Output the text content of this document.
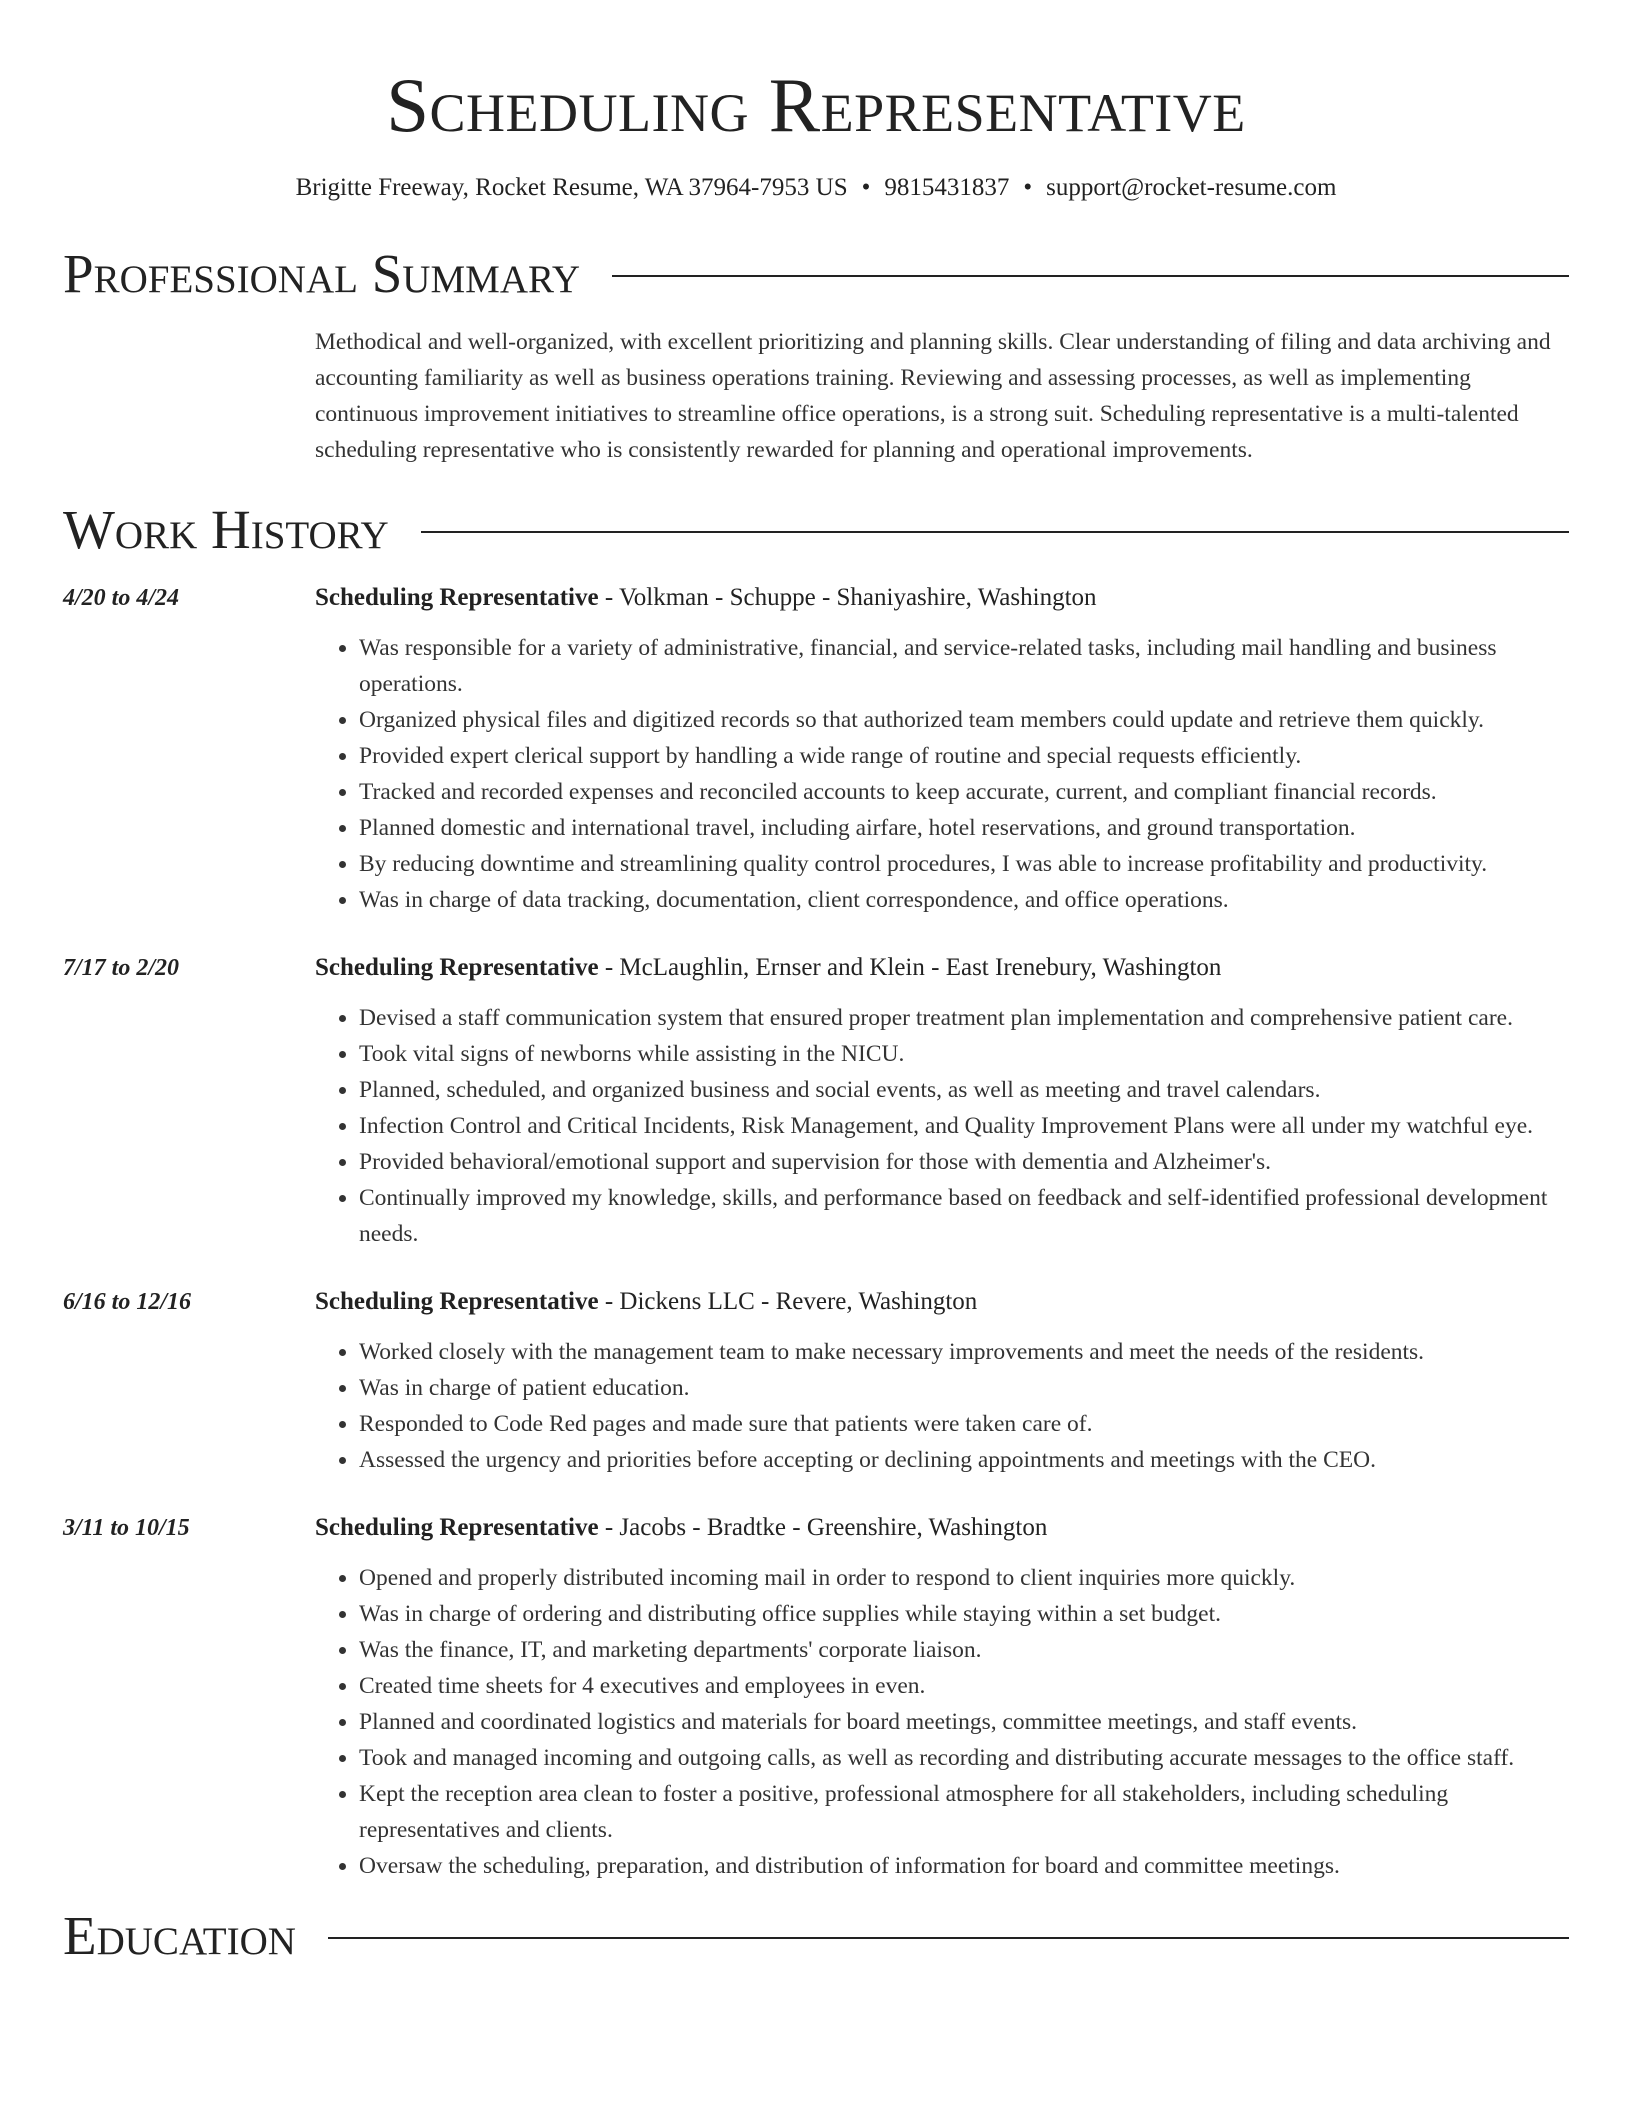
Scheduling Representative
Brigitte Freeway, Rocket Resume, WA 37964-7953 US • 9815431837 • support@rocket-resume.com
Professional Summary

Methodical and well-organized, with excellent prioritizing and planning skills. Clear understanding of filing and data archiving and accounting familiarity as well as business operations training. Reviewing and assessing processes, as well as implementing continuous improvement initiatives to streamline office operations, is a strong suit. Scheduling representative is a multi-talented scheduling representative who is consistently rewarded for planning and operational improvements.

Work History
4/20 to 4/24	Scheduling Representative - Volkman - Schuppe - Shaniyashire, Washington
• Was responsible for a variety of administrative, financial, and service-related tasks, including mail handling and business operations.
• Organized physical files and digitized records so that authorized team members could update and retrieve them quickly.
• Provided expert clerical support by handling a wide range of routine and special requests efficiently.
• Tracked and recorded expenses and reconciled accounts to keep accurate, current, and compliant financial records.
• Planned domestic and international travel, including airfare, hotel reservations, and ground transportation.
• By reducing downtime and streamlining quality control procedures, I was able to increase profitability and productivity.
• Was in charge of data tracking, documentation, client correspondence, and office operations.
7/17 to 2/20	Scheduling Representative - McLaughlin, Ernser and Klein - East Irenebury, Washington
• Devised a staff communication system that ensured proper treatment plan implementation and comprehensive patient care.
• Took vital signs of newborns while assisting in the NICU.
• Planned, scheduled, and organized business and social events, as well as meeting and travel calendars.
• Infection Control and Critical Incidents, Risk Management, and Quality Improvement Plans were all under my watchful eye.
• Provided behavioral/emotional support and supervision for those with dementia and Alzheimer's.
• Continually improved my knowledge, skills, and performance based on feedback and self-identified professional development needs.
6/16 to 12/16	Scheduling Representative - Dickens LLC - Revere, Washington
• Worked closely with the management team to make necessary improvements and meet the needs of the residents.
• Was in charge of patient education.
• Responded to Code Red pages and made sure that patients were taken care of.
• Assessed the urgency and priorities before accepting or declining appointments and meetings with the CEO.
3/11 to 10/15	Scheduling Representative - Jacobs - Bradtke - Greenshire, Washington
• Opened and properly distributed incoming mail in order to respond to client inquiries more quickly.
• Was in charge of ordering and distributing office supplies while staying within a set budget.
• Was the finance, IT, and marketing departments' corporate liaison.
• Created time sheets for 4 executives and employees in even.
• Planned and coordinated logistics and materials for board meetings, committee meetings, and staff events.
• Took and managed incoming and outgoing calls, as well as recording and distributing accurate messages to the office staff.
• Kept the reception area clean to foster a positive, professional atmosphere for all stakeholders, including scheduling representatives and clients.
• Oversaw the scheduling, preparation, and distribution of information for board and committee meetings.
Education
